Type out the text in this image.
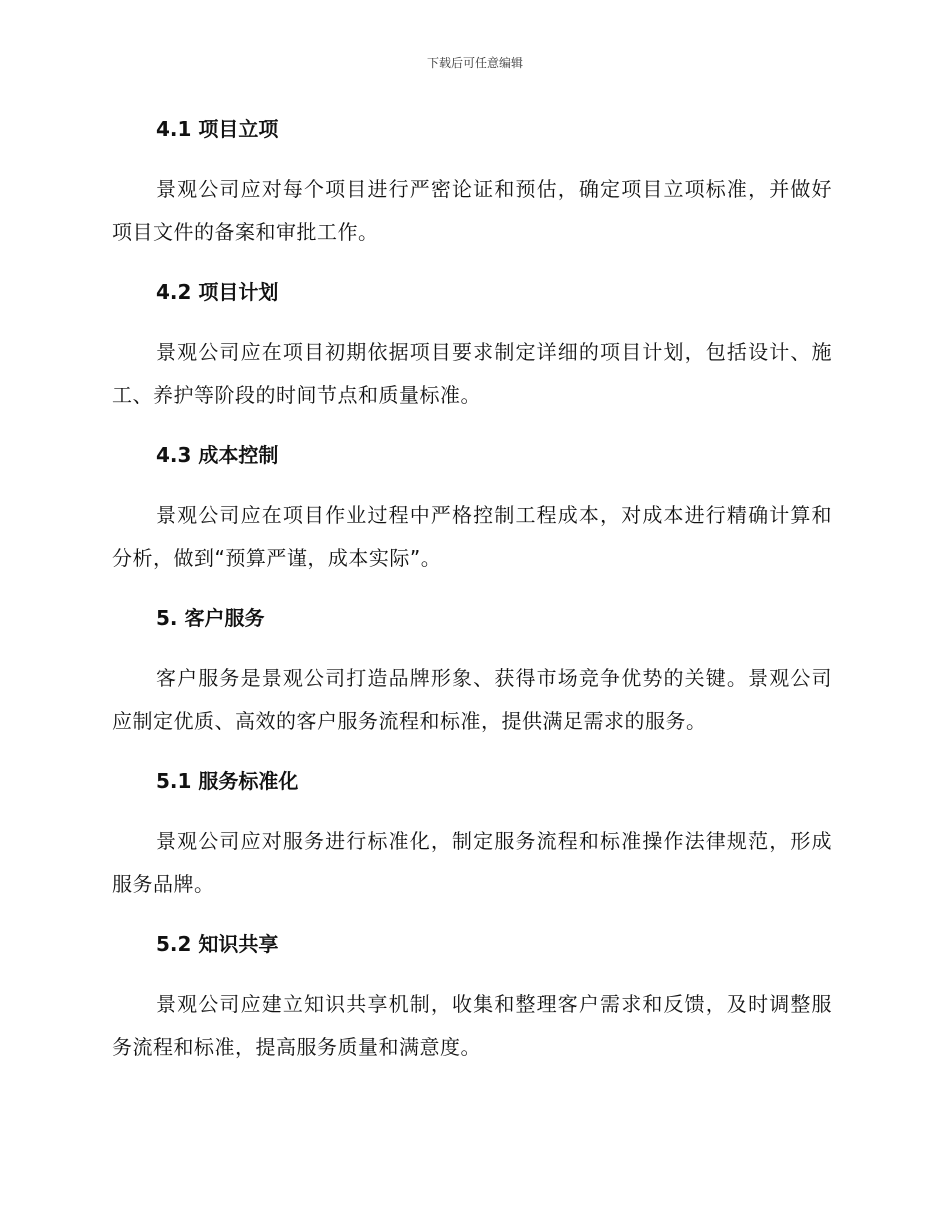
下载后可任意编辑
4.1 项目立项

景观公司应对每个项目进行严密论证和预估，确定项目立项标准，并做好项目文件的备案和审批工作。

4.2 项目计划

景观公司应在项目初期依据项目要求制定详细的项目计划，包括设计、施工、养护等阶段的时间节点和质量标准。

4.3 成本控制

景观公司应在项目作业过程中严格控制工程成本，对成本进行精确计算和分析，做到“预算严谨，成本实际”。

5. 客户服务

客户服务是景观公司打造品牌形象、获得市场竞争优势的关键。景观公司应制定优质、高效的客户服务流程和标准，提供满足需求的服务。

5.1 服务标准化

景观公司应对服务进行标准化，制定服务流程和标准操作法律规范，形成服务品牌。

5.2 知识共享

景观公司应建立知识共享机制，收集和整理客户需求和反馈，及时调整服务流程和标准，提高服务质量和满意度。
